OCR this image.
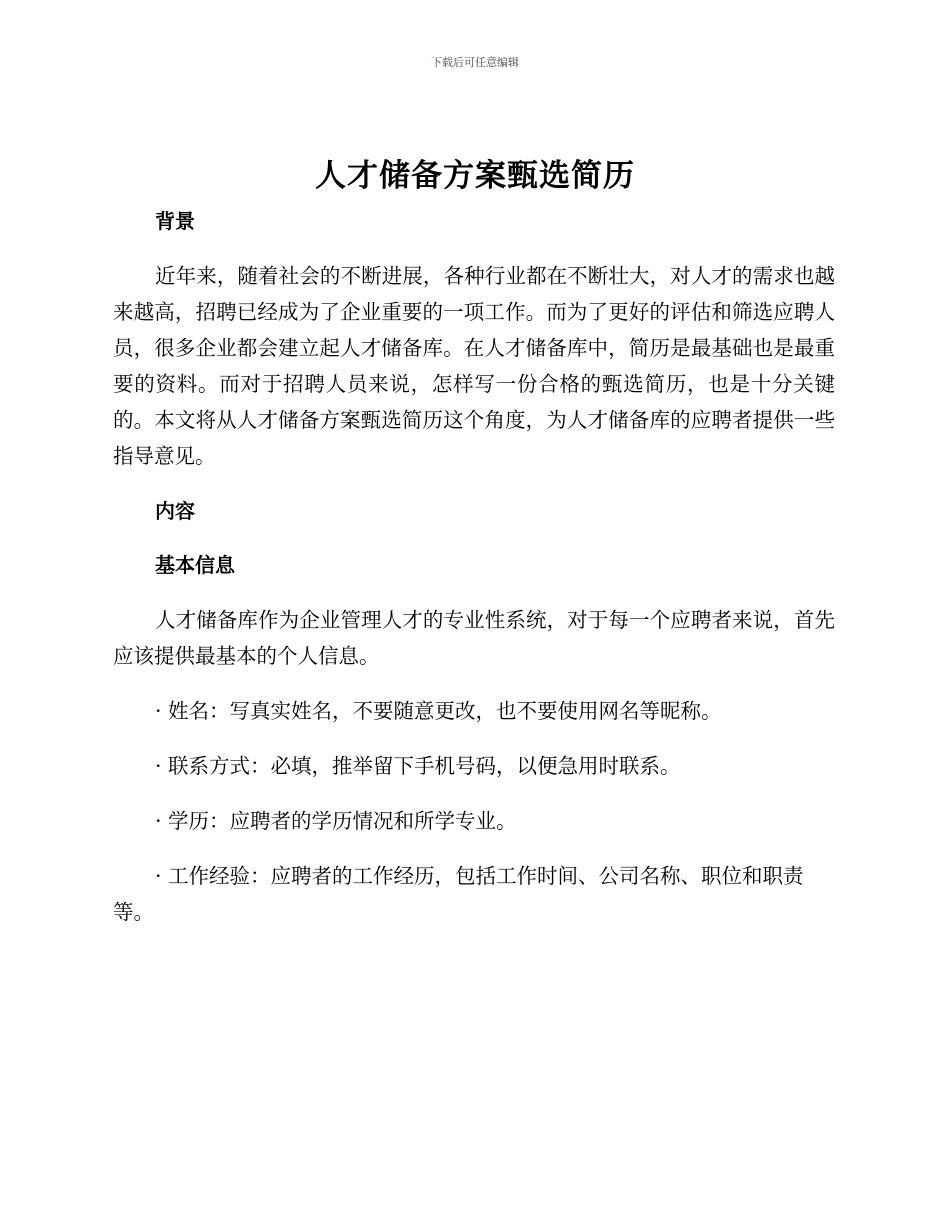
下载后可任意编辑
人才储备方案甄选简历

背景

近年来，随着社会的不断进展，各种行业都在不断壮大，对人才的需求也越来越高，招聘已经成为了企业重要的一项工作。而为了更好的评估和筛选应聘人员，很多企业都会建立起人才储备库。在人才储备库中，简历是最基础也是最重要的资料。而对于招聘人员来说，怎样写一份合格的甄选简历，也是十分关键的。本文将从人才储备方案甄选简历这个角度，为人才储备库的应聘者提供一些指导意见。

内容

基本信息

人才储备库作为企业管理人才的专业性系统，对于每一个应聘者来说，首先应该提供最基本的个人信息。

· 姓名：写真实姓名，不要随意更改，也不要使用网名等昵称。

· 联系方式：必填，推举留下手机号码，以便急用时联系。

· 学历：应聘者的学历情况和所学专业。

· 工作经验：应聘者的工作经历，包括工作时间、公司名称、职位和职责等。
